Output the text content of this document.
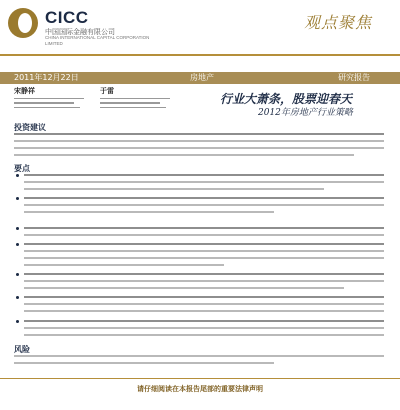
CICC
中国国际金融有限公司
CHINA INTERNATIONAL CAPITAL CORPORATION LIMITED
观点聚焦
2011年12月22日	房地产	研究报告
宋静祥	于雷
行业大萧条，股票迎春天
2012年房地产行业策略
投资建议
要点
风险
请仔细阅读在本报告尾部的重要法律声明
